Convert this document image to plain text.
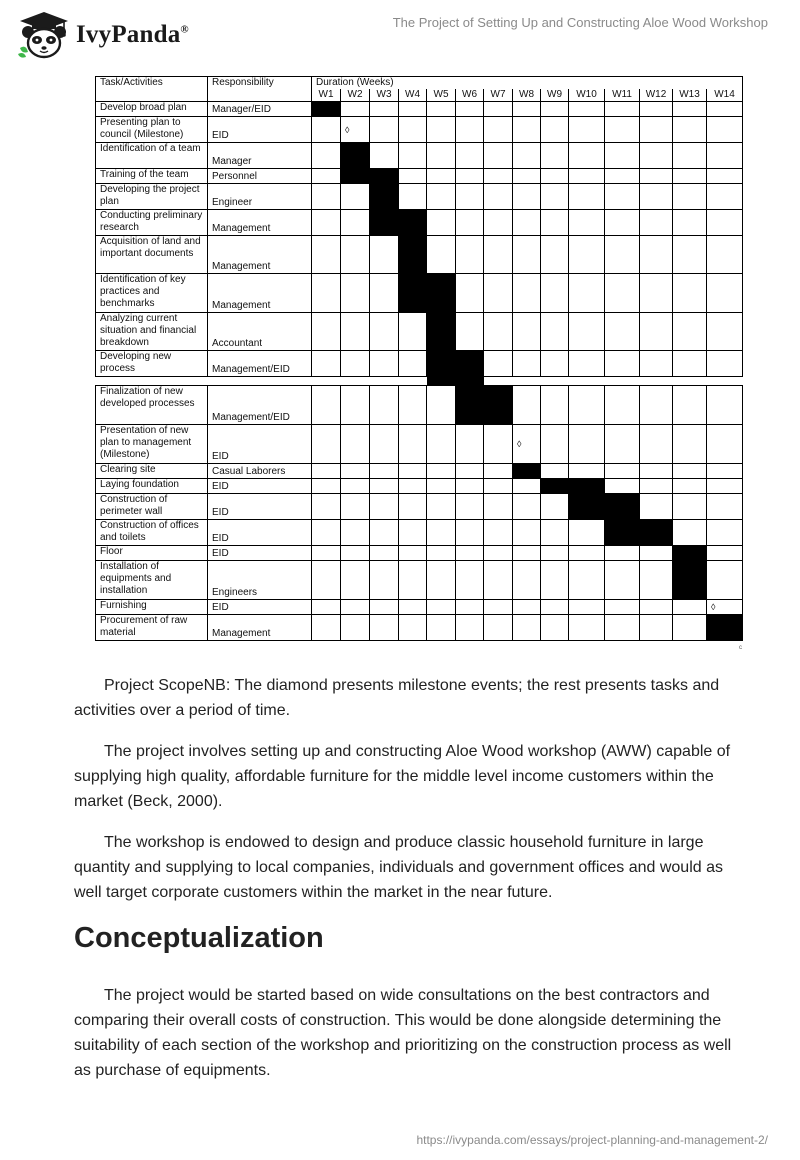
IvyPanda®	The Project of Setting Up and Constructing Aloe Wood Workshop
Task/Activities	Responsibility	Duration (Weeks)													
		W1	W2	W3	W4	W5	W6	W7	W8	W9	W10	W11	W12	W13	W14
Develop broad plan	Manager/EID														
Presenting plan to council (Milestone)	EID		◊												

Identification of a team	Manager														
Training of the team	Personnel														
Developing the project plan	Engineer														
Conducting preliminary research	Management														
Acquisition of land and important documents	Management														
Identification of key practices and benchmarks	Management														
Analyzing current situation and financial breakdown	Accountant														
Developing new process	Management/EID														

Finalization of new developed processes	Management/EID														
Presentation of new plan to management (Milestone)	EID								◊						

Clearing site	Casual Laborers														
Laying foundation	EID														
Construction of perimeter wall	EID														
Construction of offices and toilets	EID														
Floor	EID														
Installation of equipments and installation	Engineers														
Furnishing	EID														◊

Procurement of raw material	Management														
c

Project ScopeNB: The diamond presents milestone events; the rest presents tasks and activities over a period of time.

The project involves setting up and constructing Aloe Wood workshop (AWW) capable of supplying high quality, affordable furniture for the middle level income customers within the market (Beck, 2000).

The workshop is endowed to design and produce classic household furniture in large quantity and supplying to local companies, individuals and government offices and would as well target corporate customers within the market in the near future.

Conceptualization

The project would be started based on wide consultations on the best contractors and comparing their overall costs of construction. This would be done alongside determining the suitability of each section of the workshop and prioritizing on the construction process as well as purchase of equipments.

https://ivypanda.com/essays/project-planning-and-management-2/
